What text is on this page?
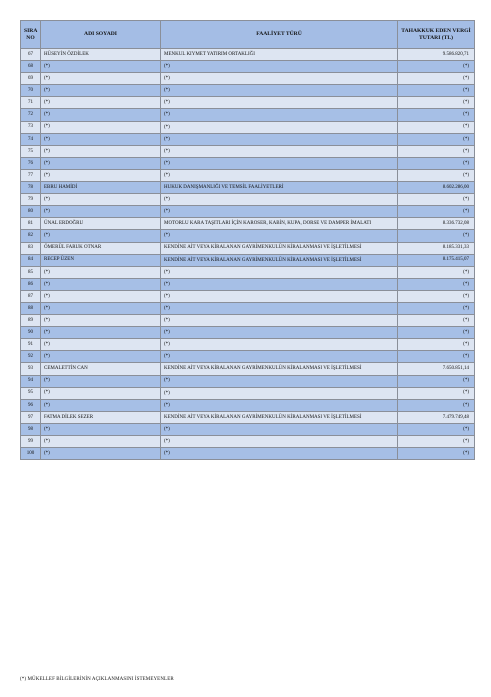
SIRA NO	ADI SOYADI	FAALİYET TÜRÜ	TAHAKKUK EDEN VERGİ TUTARI (TL)
67	HÜSEYİN ÖZDİLEK	MENKUL KIYMET YATIRIM ORTAKLIĞI	9.586.820,71
68	(*)	(*)	(*)
69	(*)	(*)	(*)
70	(*)	(*)	(*)
71	(*)	(*)	(*)
72	(*)	(*)	(*)
73	(*)	(*)	(*)
74	(*)	(*)	(*)
75	(*)	(*)	(*)
76	(*)	(*)	(*)
77	(*)	(*)	(*)
78	EBRU HAMİDİ	HUKUK DANIŞMANLIĞI VE TEMSİL FAALİYETLERİ	8.602.286,00
79	(*)	(*)	(*)
80	(*)	(*)	(*)
81	ÜNAL ERDOĞRU	MOTORLU KARA TAŞITLARI İÇİN KAROSER, KABİN, KUPA, DORSE VE DAMPER İMALATI	8.336.732,08
82	(*)	(*)	(*)
83	ÖMERÜL FARUK OTNAR	KENDİNE AİT VEYA KİRALANAN GAYRİMENKULÜN KİRALANMASI VE İŞLETİLMESİ	8.185.331,33
84	RECEP ÜZEN	KENDİNE AİT VEYA KİRALANAN GAYRİMENKULÜN KİRALANMASI VE İŞLETİLMESİ	8.175.415,07
85	(*)	(*)	(*)
86	(*)	(*)	(*)
87	(*)	(*)	(*)
88	(*)	(*)	(*)
89	(*)	(*)	(*)
90	(*)	(*)	(*)
91	(*)	(*)	(*)
92	(*)	(*)	(*)
93	CEMALETTİN CAN	KENDİNE AİT VEYA KİRALANAN GAYRİMENKULÜN KİRALANMASI VE İŞLETİLMESİ	7.650.851,14
94	(*)	(*)	(*)
95	(*)	(*)	(*)
96	(*)	(*)	(*)
97	FATMA DİLEK SEZER	KENDİNE AİT VEYA KİRALANAN GAYRİMENKULÜN KİRALANMASI VE İŞLETİLMESİ	7.479.749,48
98	(*)	(*)	(*)
99	(*)	(*)	(*)
100	(*)	(*)	(*)
(*) MÜKELLEF BİLGİLERİNİN AÇIKLANMASINI İSTEMEYENLER
